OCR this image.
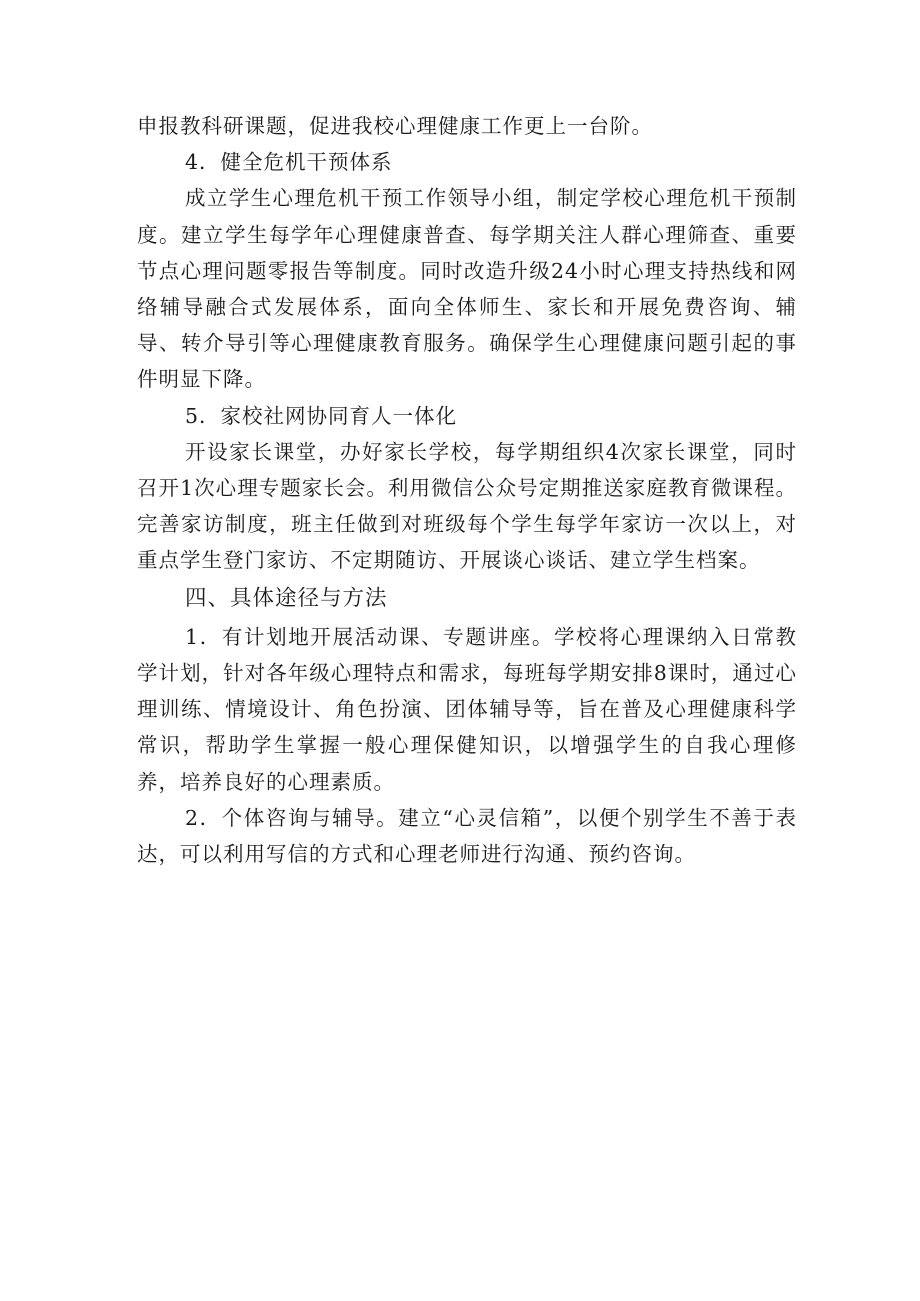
申报教科研课题，促进我校心理健康工作更上一台阶。

4．健全危机干预体系

成立学生心理危机干预工作领导小组，制定学校心理危机干预制度。建立学生每学年心理健康普查、每学期关注人群心理筛查、重要节点心理问题零报告等制度。同时改造升级24小时心理支持热线和网络辅导融合式发展体系，面向全体师生、家长和开展免费咨询、辅导、转介导引等心理健康教育服务。确保学生心理健康问题引起的事件明显下降。

5．家校社网协同育人一体化

开设家长课堂，办好家长学校，每学期组织4次家长课堂，同时召开1次心理专题家长会。利用微信公众号定期推送家庭教育微课程。完善家访制度，班主任做到对班级每个学生每学年家访一次以上，对重点学生登门家访、不定期随访、开展谈心谈话、建立学生档案。

四、具体途径与方法

1．有计划地开展活动课、专题讲座。学校将心理课纳入日常教学计划，针对各年级心理特点和需求，每班每学期安排8课时，通过心理训练、情境设计、角色扮演、团体辅导等，旨在普及心理健康科学常识，帮助学生掌握一般心理保健知识，以增强学生的自我心理修养，培养良好的心理素质。

2．个体咨询与辅导。建立“心灵信箱”，以便个别学生不善于表达，可以利用写信的方式和心理老师进行沟通、预约咨询。
